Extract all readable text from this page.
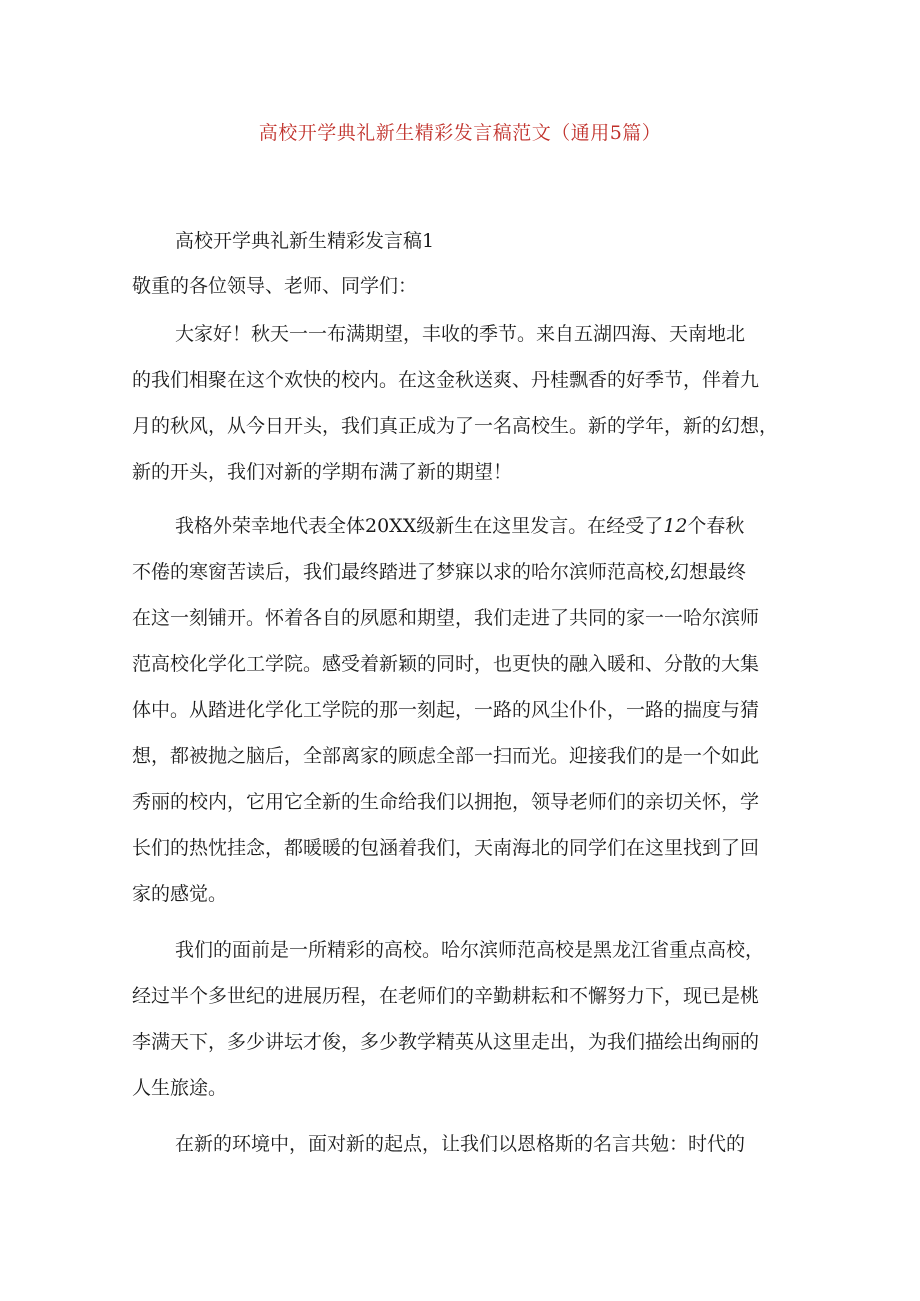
高校开学典礼新生精彩发言稿范文（通用5篇）
高校开学典礼新生精彩发言稿1

敬重的各位领导、老师、同学们：

大家好！秋天一一布满期望，丰收的季节。来自五湖四海、天南地北
的我们相聚在这个欢快的校内。在这金秋送爽、丹桂飘香的好季节，伴着九
月的秋风，从今日开头，我们真正成为了一名高校生。新的学年，新的幻想，
新的开头，我们对新的学期布满了新的期望！

我格外荣幸地代表全体20XX级新生在这里发言。在经受了12个春秋
不倦的寒窗苦读后，我们最终踏进了梦寐以求的哈尔滨师范高校,幻想最终
在这一刻铺开。怀着各自的夙愿和期望，我们走进了共同的家一一哈尔滨师
范高校化学化工学院。感受着新颖的同时，也更快的融入暖和、分散的大集
体中。从踏进化学化工学院的那一刻起，一路的风尘仆仆，一路的揣度与猜
想，都被抛之脑后，全部离家的顾虑全部一扫而光。迎接我们的是一个如此
秀丽的校内，它用它全新的生命给我们以拥抱，领导老师们的亲切关怀，学
长们的热忱挂念，都暖暖的包涵着我们，天南海北的同学们在这里找到了回
家的感觉。

我们的面前是一所精彩的高校。哈尔滨师范高校是黑龙江省重点高校，
经过半个多世纪的进展历程，在老师们的辛勤耕耘和不懈努力下，现已是桃
李满天下，多少讲坛才俊，多少教学精英从这里走出，为我们描绘出绚丽的
人生旅途。

在新的环境中，面对新的起点，让我们以恩格斯的名言共勉：时代的
